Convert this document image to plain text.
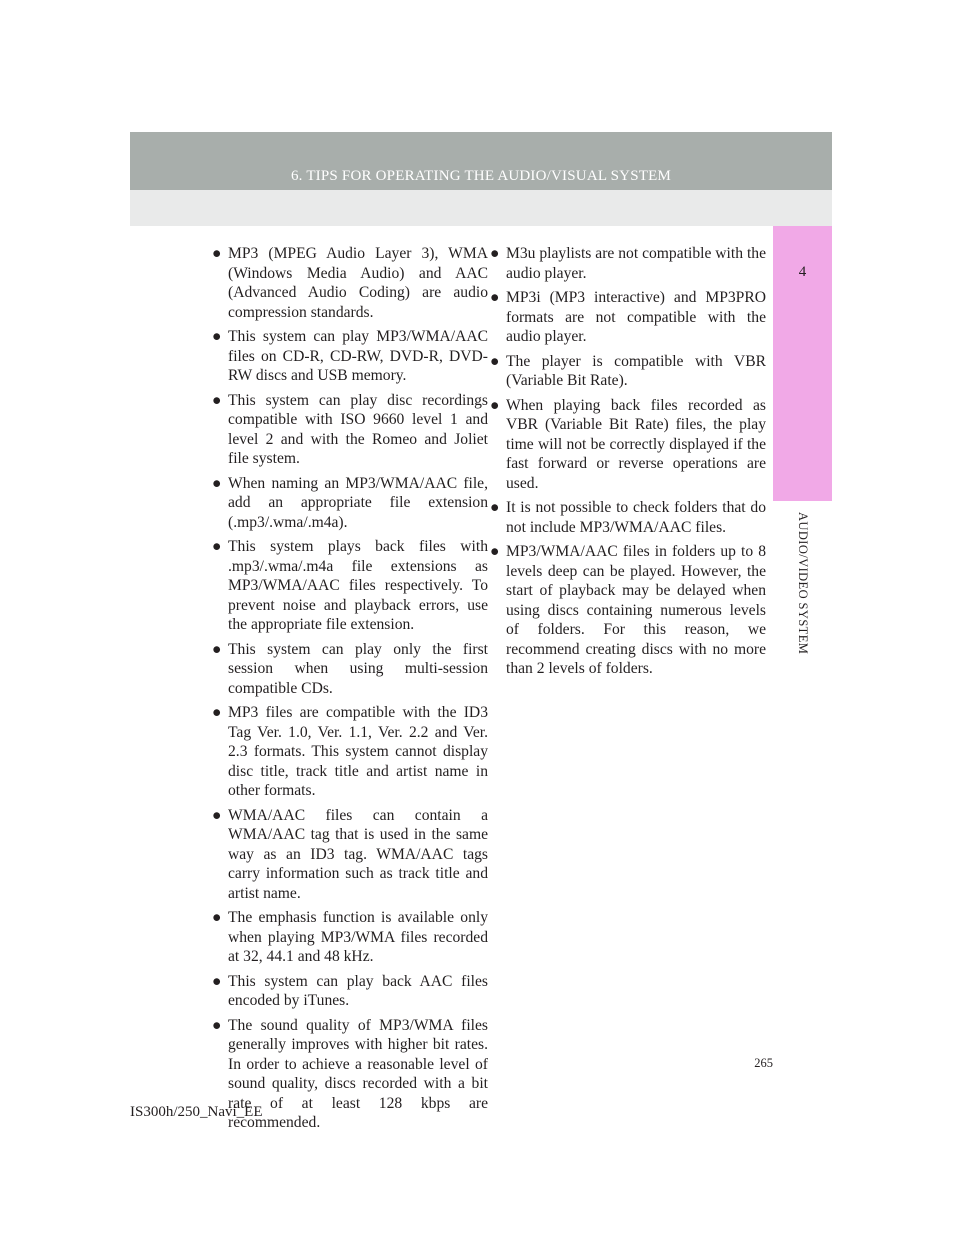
6. TIPS FOR OPERATING THE AUDIO/VISUAL SYSTEM
4
AUDIO/VIDEO SYSTEM
● MP3 (MPEG Audio Layer 3), WMA (Windows Media Audio) and AAC (Advanced Audio Coding) are audio compression standards.
● This system can play MP3/WMA/AAC files on CD-R, CD-RW, DVD-R, DVD-RW discs and USB memory.
● This system can play disc recordings compatible with ISO 9660 level 1 and level 2 and with the Romeo and Joliet file system.
● When naming an MP3/WMA/AAC file, add an appropriate file extension (.mp3/.wma/.m4a).
● This system plays back files with .mp3/.wma/.m4a file extensions as MP3/WMA/AAC files respectively. To prevent noise and playback errors, use the appropriate file extension.
● This system can play only the first session when using multi-session compatible CDs.
● MP3 files are compatible with the ID3 Tag Ver. 1.0, Ver. 1.1, Ver. 2.2 and Ver. 2.3 formats. This system cannot display disc title, track title and artist name in other formats.
● WMA/AAC files can contain a WMA/AAC tag that is used in the same way as an ID3 tag. WMA/AAC tags carry information such as track title and artist name.
● The emphasis function is available only when playing MP3/WMA files recorded at 32, 44.1 and 48 kHz.
● This system can play back AAC files encoded by iTunes.
● The sound quality of MP3/WMA files generally improves with higher bit rates. In order to achieve a reasonable level of sound quality, discs recorded with a bit rate of at least 128 kbps are recommended.
● M3u playlists are not compatible with the audio player.
● MP3i (MP3 interactive) and MP3PRO formats are not compatible with the audio player.
● The player is compatible with VBR (Variable Bit Rate).
● When playing back files recorded as VBR (Variable Bit Rate) files, the play time will not be correctly displayed if the fast forward or reverse operations are used.
● It is not possible to check folders that do not include MP3/WMA/AAC files.
● MP3/WMA/AAC files in folders up to 8 levels deep can be played. However, the start of playback may be delayed when using discs containing numerous levels of folders. For this reason, we recommend creating discs with no more than 2 levels of folders.
265
IS300h/250_Navi_EE
